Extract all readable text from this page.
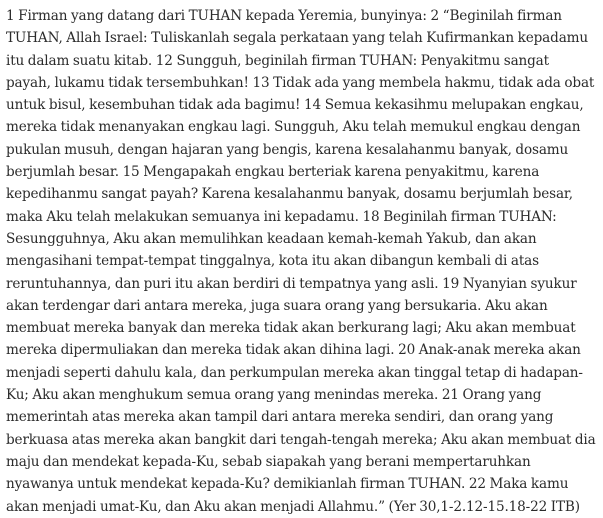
1 Firman yang datang dari TUHAN kepada Yeremia, bunyinya: 2 “Beginilah firman TUHAN, Allah Israel: Tuliskanlah segala perkataan yang telah Kufirmankan kepadamu itu dalam suatu kitab. 12 Sungguh, beginilah firman TUHAN: Penyakitmu sangat payah, lukamu tidak tersembuhkan! 13 Tidak ada yang membela hakmu, tidak ada obat untuk bisul, kesembuhan tidak ada bagimu! 14 Semua kekasihmu melupakan engkau, mereka tidak menanyakan engkau lagi. Sungguh, Aku telah memukul engkau dengan pukulan musuh, dengan hajaran yang bengis, karena kesalahanmu banyak, dosamu berjumlah besar. 15 Mengapakah engkau berteriak karena penyakitmu, karena kepedihanmu sangat payah? Karena kesalahanmu banyak, dosamu berjumlah besar, maka Aku telah melakukan semuanya ini kepadamu. 18 Beginilah firman TUHAN: Sesungguhnya, Aku akan memulihkan keadaan kemah-kemah Yakub, dan akan mengasihani tempat-tempat tinggalnya, kota itu akan dibangun kembali di atas reruntuhannya, dan puri itu akan berdiri di tempatnya yang asli. 19 Nyanyian syukur akan terdengar dari antara mereka, juga suara orang yang bersukaria. Aku akan membuat mereka banyak dan mereka tidak akan berkurang lagi; Aku akan membuat mereka dipermuliakan dan mereka tidak akan dihina lagi. 20 Anak-anak mereka akan menjadi seperti dahulu kala, dan perkumpulan mereka akan tinggal tetap di hadapan-Ku; Aku akan menghukum semua orang yang menindas mereka. 21 Orang yang memerintah atas mereka akan tampil dari antara mereka sendiri, dan orang yang berkuasa atas mereka akan bangkit dari tengah-tengah mereka; Aku akan membuat dia maju dan mendekat kepada-Ku, sebab siapakah yang berani mempertaruhkan nyawanya untuk mendekat kepada-Ku? demikianlah firman TUHAN. 22 Maka kamu akan menjadi umat-Ku, dan Aku akan menjadi Allahmu.” (Yer 30,1-2.12-15.18-22 ITB)
